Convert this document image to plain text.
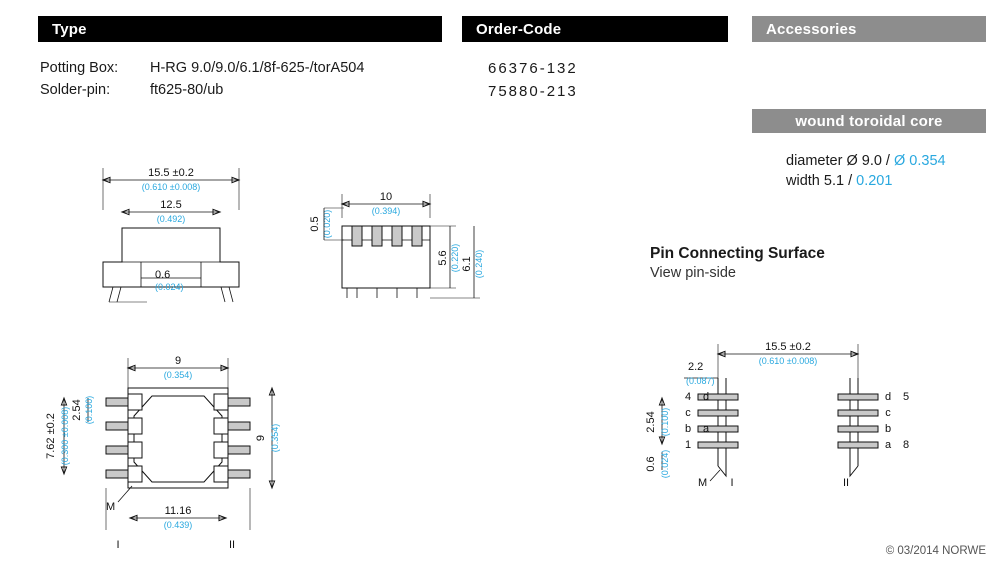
Type	Order-Code	Accessories
wound toroidal core
Potting Box:	H-RG 9.0/9.0/6.1/8f-625-/torA504
Solder-pin:	ft625-80/ub
66376-132
75880-213
diameter Ø 9.0 / Ø 0.354
width 5.1 / 0.201
Pin Connecting Surface
View pin-side
© 03/2014 NORWE
15.5 ±0.2
(0.610 ±0.008)
12.5
(0.492)
0.6
(0.024)
0.5 (0.020)
10
(0.394)
5.6 (0.220) 6.1 (0.240)
9
(0.354)
2.54 (0.100)
7.62 ±0.2 (0.300 ±0.008)	9 (0.354)
M	11.16
(0.439)
I	II
15.5 ±0.2
(0.610 ±0.008)
2.2
(0.087)
4
c
b
1
d
a
d
c
b
a
5
8
2.54 (0.100)
0.6 (0.024)
M I	II
